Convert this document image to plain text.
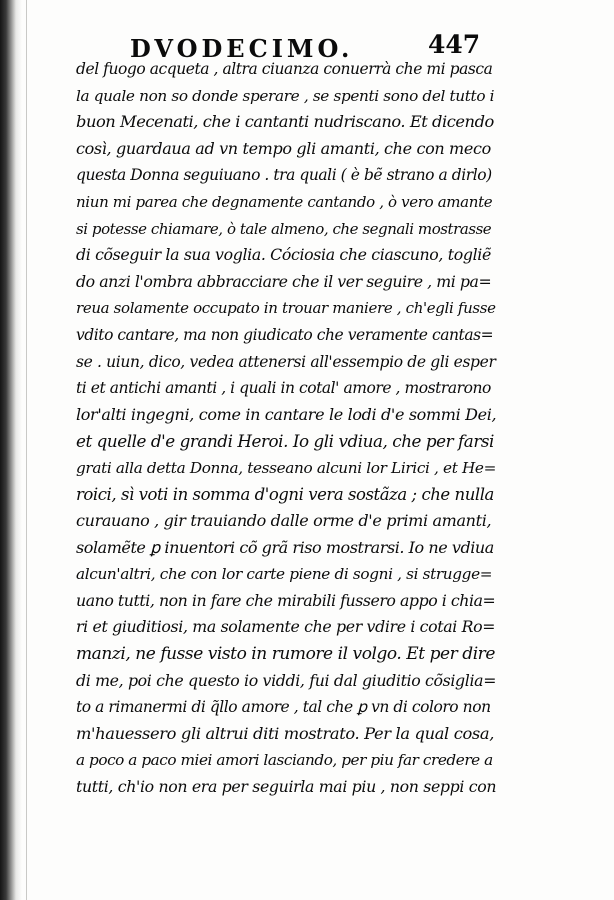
DVODECIMO.	447
del fuogo acqueta , altra ciuanza conuerrà che mi pasca
la quale non so donde sperare , se spenti sono del tutto i
buon Mecenati, che i cantanti nudriscano. Et dicendo
così, guardaua ad vn tempo gli amanti, che con meco
questa Donna seguiuano . tra quali ( è bẽ strano a dirlo)
niun mi parea che degnamente cantando , ò vero amante
si potesse chiamare, ò tale almeno, che segnali mostrasse
di cõseguir la sua voglia. Cóciosia che ciascuno, togliẽ
do anzi l'ombra abbracciare che il ver seguire , mi pa=
reua solamente occupato in trouar maniere , ch'egli fusse
vdito cantare, ma non giudicato che veramente cantas=
se . uiun, dico, vedea attenersi all'essempio de gli esper
ti et antichi amanti , i quali in cotal' amore , mostrarono
lor'alti ingegni, come in cantare le lodi d'e sommi Dei,
et quelle d'e grandi Heroi. Io gli vdiua, che per farsi
grati alla detta Donna, tesseano alcuni lor Lirici , et He=
roici, sì voti in somma d'ogni vera sostãza ; che nulla
curauano , gir trauiando dalle orme d'e primi amanti,
solamẽte ꝑ inuentori cõ grã riso mostrarsi. Io ne vdiua
alcun'altri, che con lor carte piene di sogni , si strugge=
uano tutti, non in fare che mirabili fussero appo i chia=
ri et giuditiosi, ma solamente che per vdire i cotai Ro=
manzi, ne fusse visto in rumore il volgo. Et per dire
di me, poi che questo io viddi, fui dal giuditio cõsiglia=
to a rimanermi di q̃llo amore , tal che ꝑ vn di coloro non
m'hauessero gli altrui diti mostrato. Per la qual cosa,
a poco a paco miei amori lasciando, per piu far credere a
tutti, ch'io non era per seguirla mai piu , non seppi con
